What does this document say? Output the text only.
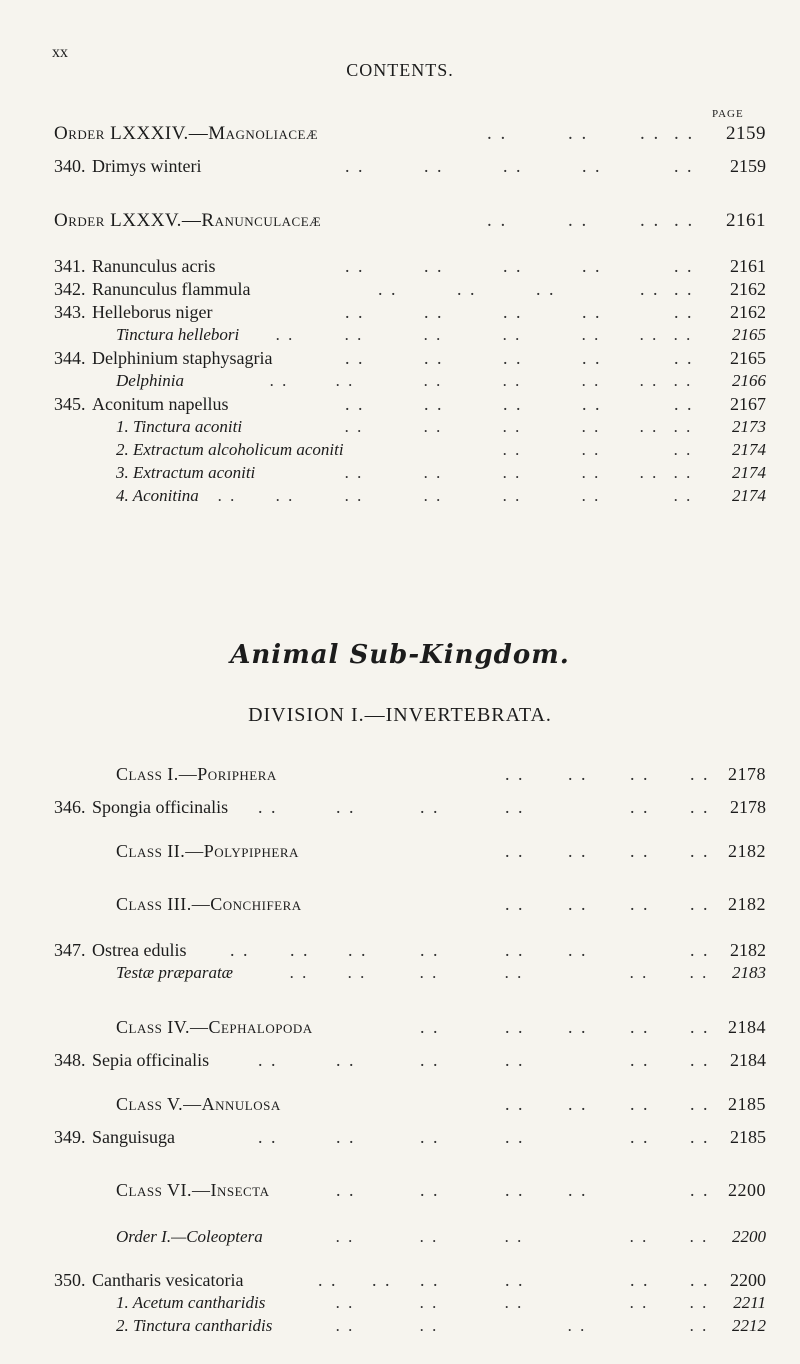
xx
CONTENTS.
PAGE
Order LXXXIV.—Magnoliaceæ	. .	. .	. . . . 2159
340. Drimys winteri	. .	. .	. .	. .	. . 2159
Order LXXXV.—Ranunculaceæ	. .	. .	. . . . 2161
341. Ranunculus acris	. .	. .	. .	. .	. . 2161
342. Ranunculus flammula	. .	. .	. .	. . . . 2162
343. Helleborus niger	. .	. .	. .	. .	. . 2162
Tinctura hellebori . .	. .	. .	. .	. . . . . . 2165
344. Delphinium staphysagria	. .	. .	. .	. .	. . 2165
Delphinia	. .	. .	. .	. .	. . . . . . 2166
345. Aconitum napellus	. .	. .	. .	. .	. . 2167
1. Tinctura aconiti	. .	. .	. .	. . . . . . 2173
2. Extractum alcoholicum aconiti	. .	. .	. . 2174
3. Extractum aconiti	. .	. .	. .	. . . . . . 2174
4. Aconitina . . . .	. .	. .	. .	. .	. . 2174
Animal Sub-Kingdom.
DIVISION I.—INVERTEBRATA.
Class I.—Poriphera	. . . . . . . . 2178
346. Spongia officinalis . .	. .	. .	. .	. . . . 2178
Class II.—Polypiphera	. . . . . . . . 2182
Class III.—Conchifera	. . . . . . . . 2182
347. Ostrea edulis . . . . . .	. .	. . . .	. . 2182
Testæ præparatæ	. . . .	. .	. .	. . . . 2183
Class IV.—Cephalopoda	. .	. . . . . . . . 2184
348. Sepia officinalis	. .	. .	. .	. .	. . . . 2184
Class V.—Annulosa	. . . . . . . . 2185
349. Sanguisuga	. .	. .	. .	. .	. . . . 2185
Class VI.—Insecta	. .	. .	. . . .	. . 2200
Order I.—Coleoptera	. .	. .	. .	. . . . 2200
350. Cantharis vesicatoria	. . . . . .	. .	. . . . 2200
1. Acetum cantharidis	. .	. .	. .	. . . . 2211
2. Tinctura cantharidis	. .	. .	. .	. . 2212
